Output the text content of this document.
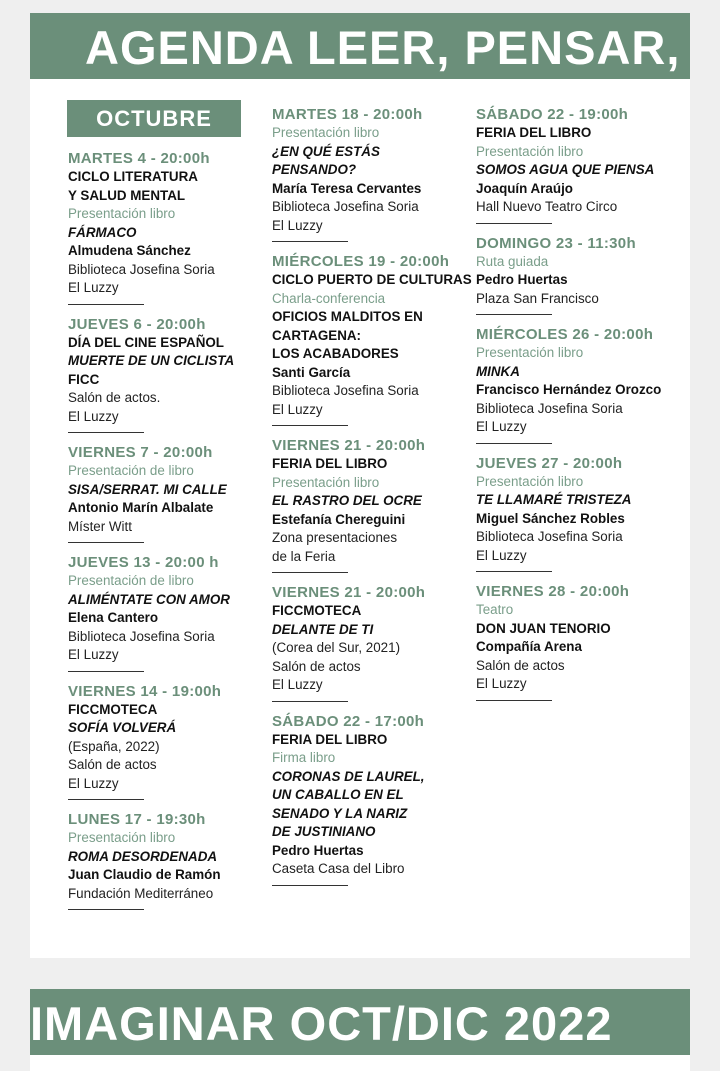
AGENDA LEER, PENSAR,
IMAGINAR OCT/DIC 2022
OCTUBRE
MARTES 4 - 20:00h
CICLO LITERATURA
Y SALUD MENTAL
Presentación libro
FÁRMACO
Almudena Sánchez
Biblioteca Josefina Soria
El Luzzy
JUEVES 6 - 20:00h
DÍA DEL CINE ESPAÑOL
MUERTE DE UN CICLISTA
FICC
Salón de actos.
El Luzzy
VIERNES 7 - 20:00h
Presentación de libro
SISA/SERRAT. MI CALLE
Antonio Marín Albalate
Míster Witt
JUEVES 13 - 20:00 h
Presentación de libro
ALIMÉNTATE CON AMOR
Elena Cantero
Biblioteca Josefina Soria
El Luzzy
VIERNES 14 - 19:00h
FICCMOTECA
SOFÍA VOLVERÁ
(España, 2022)
Salón de actos
El Luzzy
LUNES 17 - 19:30h
Presentación libro
ROMA DESORDENADA
Juan Claudio de Ramón
Fundación Mediterráneo
MARTES 18 - 20:00h
Presentación libro
¿EN QUÉ ESTÁS
PENSANDO?
María Teresa Cervantes
Biblioteca Josefina Soria
El Luzzy
MIÉRCOLES 19 - 20:00h
CICLO PUERTO DE CULTURAS
Charla-conferencia
OFICIOS MALDITOS EN
CARTAGENA:
LOS ACABADORES
Santi García
Biblioteca Josefina Soria
El Luzzy
VIERNES 21 - 20:00h
FERIA DEL LIBRO
Presentación libro
EL RASTRO DEL OCRE
Estefanía Chereguini
Zona presentaciones
de la Feria
VIERNES 21 - 20:00h
FICCMOTECA
DELANTE DE TI
(Corea del Sur, 2021)
Salón de actos
El Luzzy
SÁBADO 22 - 17:00h
FERIA DEL LIBRO
Firma libro
CORONAS DE LAUREL,
UN CABALLO EN EL
SENADO Y LA NARIZ
DE JUSTINIANO
Pedro Huertas
Caseta Casa del Libro
SÁBADO 22 - 19:00h
FERIA DEL LIBRO
Presentación libro
SOMOS AGUA QUE PIENSA
Joaquín Araújo
Hall Nuevo Teatro Circo
DOMINGO 23 - 11:30h
Ruta guiada
Pedro Huertas
Plaza San Francisco
MIÉRCOLES 26 - 20:00h
Presentación libro
MINKA
Francisco Hernández Orozco
Biblioteca Josefina Soria
El Luzzy
JUEVES 27 - 20:00h
Presentación libro
TE LLAMARÉ TRISTEZA
Miguel Sánchez Robles
Biblioteca Josefina Soria
El Luzzy
VIERNES 28 - 20:00h
Teatro
DON JUAN TENORIO
Compañía Arena
Salón de actos
El Luzzy
